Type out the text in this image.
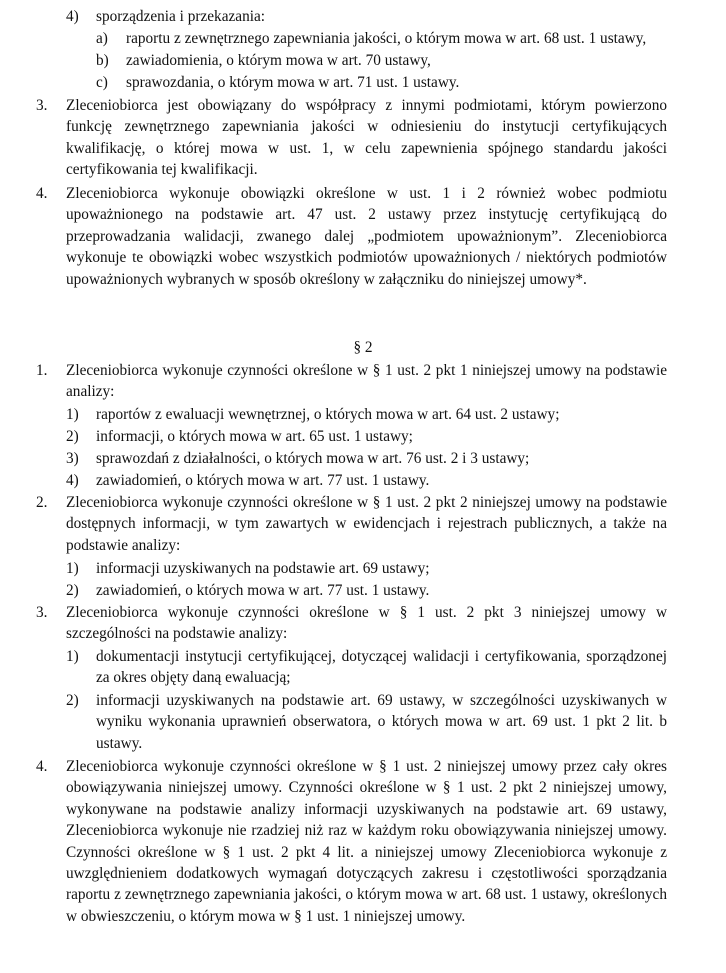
4) sporządzenia i przekazania:
a) raportu z zewnętrznego zapewniania jakości, o którym mowa w art. 68 ust. 1 ustawy,
b) zawiadomienia, o którym mowa w art. 70 ustawy,
c) sprawozdania, o którym mowa w art. 71 ust. 1 ustawy.
3. Zleceniobiorca jest obowiązany do współpracy z innymi podmiotami, którym powierzono funkcję zewnętrznego zapewniania jakości w odniesieniu do instytucji certyfikujących kwalifikację, o której mowa w ust. 1, w celu zapewnienia spójnego standardu jakości certyfikowania tej kwalifikacji.
4. Zleceniobiorca wykonuje obowiązki określone w ust. 1 i 2 również wobec podmiotu upoważnionego na podstawie art. 47 ust. 2 ustawy przez instytucję certyfikującą do przeprowadzania walidacji, zwanego dalej „podmiotem upoważnionym”. Zleceniobiorca wykonuje te obowiązki wobec wszystkich podmiotów upoważnionych / niektórych podmiotów upoważnionych wybranych w sposób określony w załączniku do niniejszej umowy*.
§ 2
1. Zleceniobiorca wykonuje czynności określone w § 1 ust. 2 pkt 1 niniejszej umowy na podstawie analizy:
1) raportów z ewaluacji wewnętrznej, o których mowa w art. 64 ust. 2 ustawy;
2) informacji, o których mowa w art. 65 ust. 1 ustawy;
3) sprawozdań z działalności, o których mowa w art. 76 ust. 2 i 3 ustawy;
4) zawiadomień, o których mowa w art. 77 ust. 1 ustawy.
2. Zleceniobiorca wykonuje czynności określone w § 1 ust. 2 pkt 2 niniejszej umowy na podstawie dostępnych informacji, w tym zawartych w ewidencjach i rejestrach publicznych, a także na podstawie analizy:
1) informacji uzyskiwanych na podstawie art. 69 ustawy;
2) zawiadomień, o których mowa w art. 77 ust. 1 ustawy.
3. Zleceniobiorca wykonuje czynności określone w § 1 ust. 2 pkt 3 niniejszej umowy w szczególności na podstawie analizy:
1) dokumentacji instytucji certyfikującej, dotyczącej walidacji i certyfikowania, sporządzonej za okres objęty daną ewaluacją;
2) informacji uzyskiwanych na podstawie art. 69 ustawy, w szczególności uzyskiwanych w wyniku wykonania uprawnień obserwatora, o których mowa w art. 69 ust. 1 pkt 2 lit. b ustawy.
4. Zleceniobiorca wykonuje czynności określone w § 1 ust. 2 niniejszej umowy przez cały okres obowiązywania niniejszej umowy. Czynności określone w § 1 ust. 2 pkt 2 niniejszej umowy, wykonywane na podstawie analizy informacji uzyskiwanych na podstawie art. 69 ustawy, Zleceniobiorca wykonuje nie rzadziej niż raz w każdym roku obowiązywania niniejszej umowy. Czynności określone w § 1 ust. 2 pkt 4 lit. a niniejszej umowy Zleceniobiorca wykonuje z uwzględnieniem dodatkowych wymagań dotyczących zakresu i częstotliwości sporządzania raportu z zewnętrznego zapewniania jakości, o którym mowa w art. 68 ust. 1 ustawy, określonych w obwieszczeniu, o którym mowa w § 1 ust. 1 niniejszej umowy.
